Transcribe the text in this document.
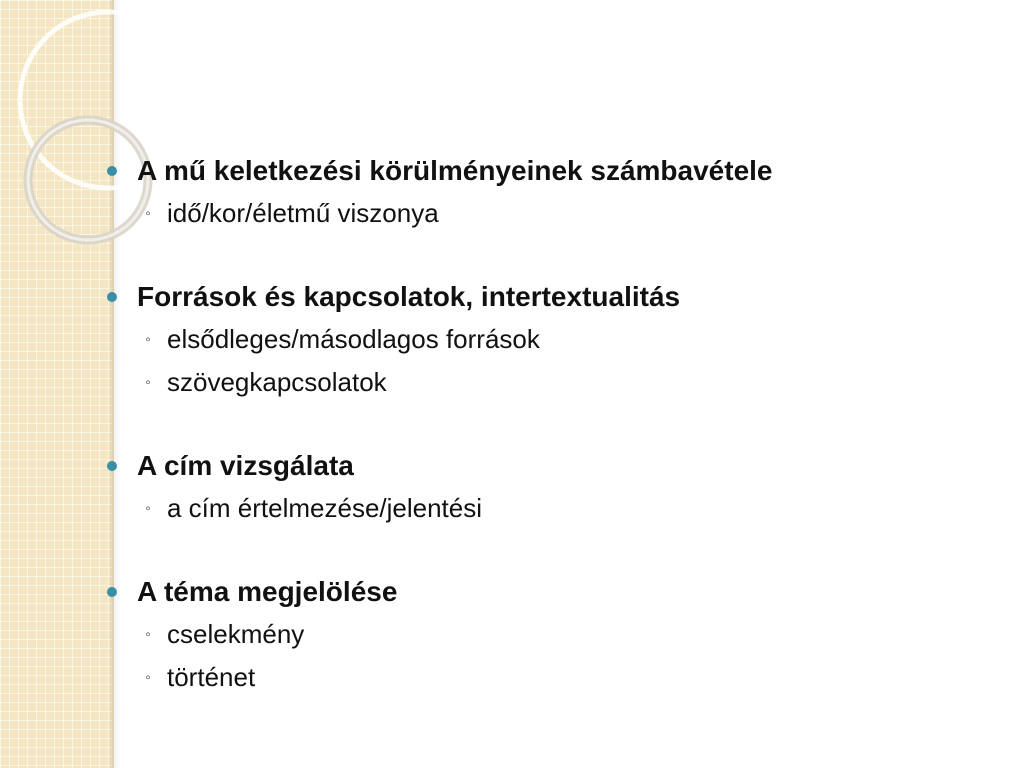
A mű keletkezési körülményeinek számbavétele
◦ idő/kor/életmű viszonya
Források és kapcsolatok, intertextualitás
◦ elsődleges/másodlagos források
◦ szövegkapcsolatok
A cím vizsgálata
◦ a cím értelmezése/jelentési
A téma megjelölése
◦ cselekmény
◦ történet
